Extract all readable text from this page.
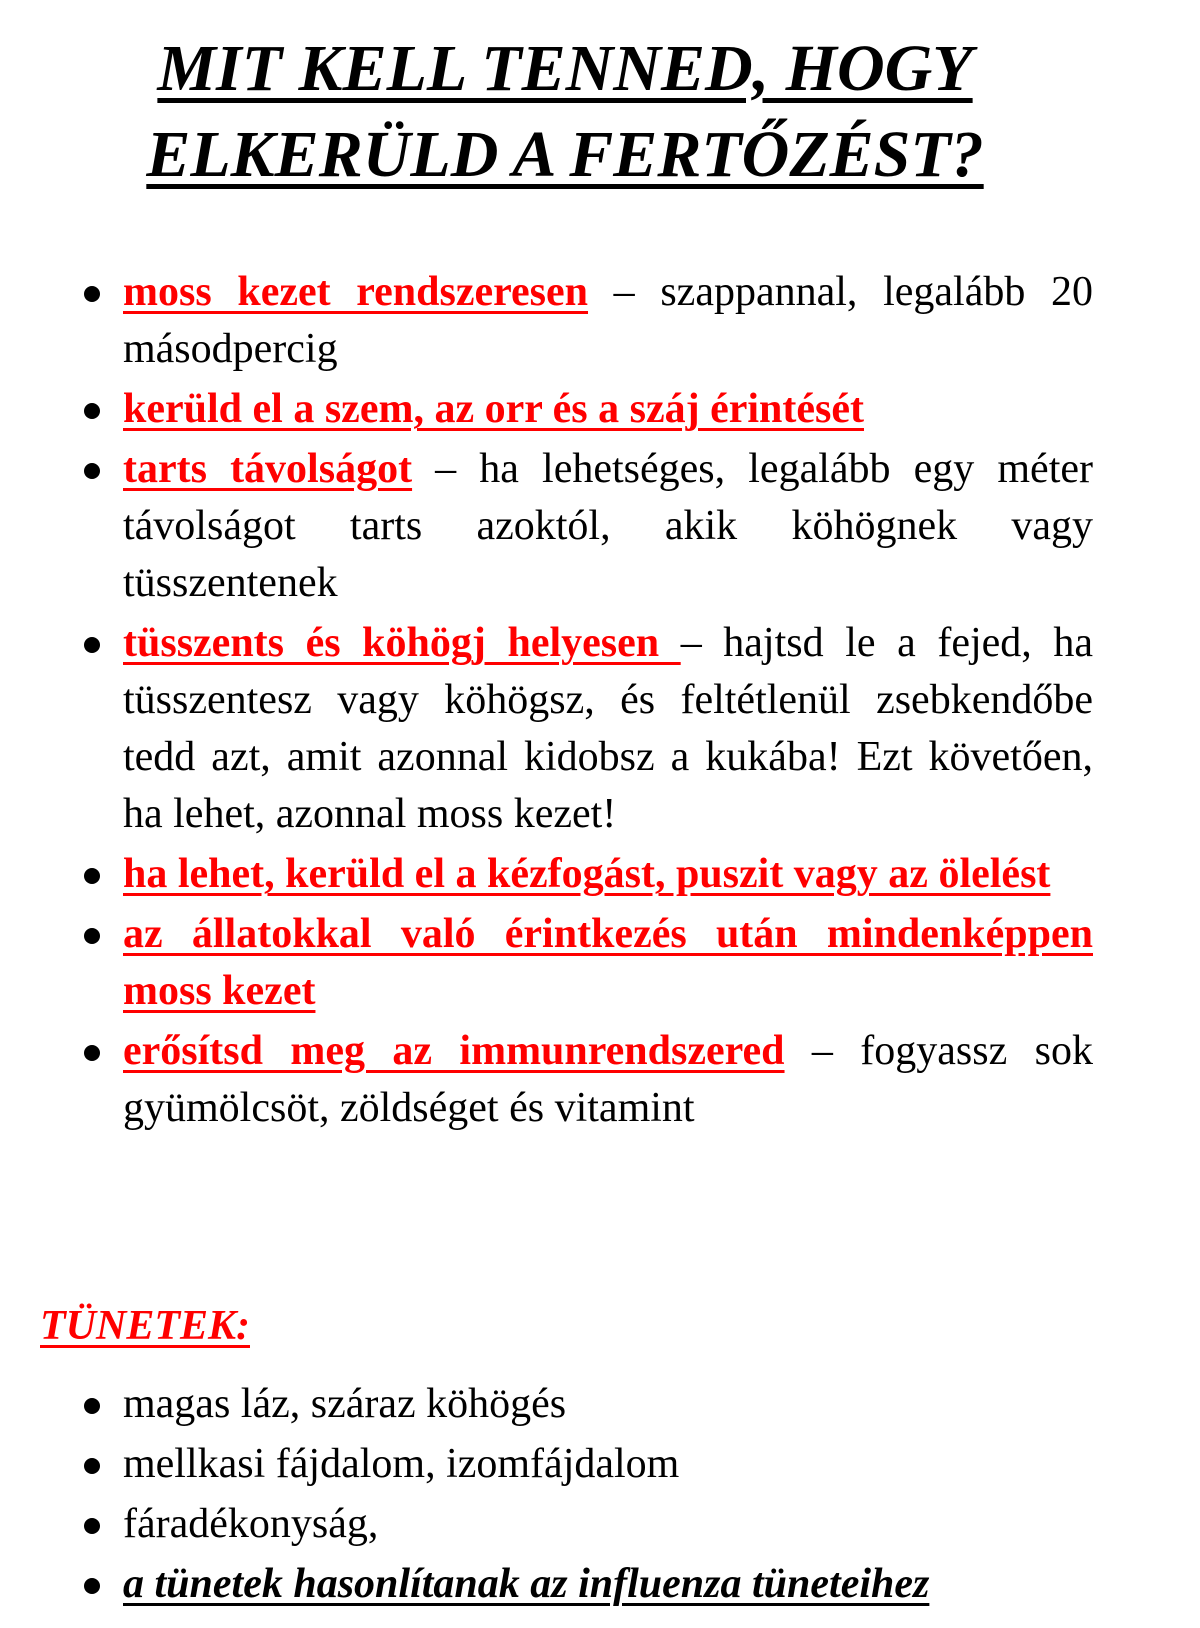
MIT KELL TENNED, HOGY
ELKERÜLD A FERTŐZÉST?
moss kezet rendszeresen – szappannal, legalább 20 másodpercig
kerüld el a szem, az orr és a száj érintését
tarts távolságot – ha lehetséges, legalább egy méter távolságot tarts azoktól, akik köhögnek vagy tüsszentenek
tüsszents és köhögj helyesen – hajtsd le a fejed, ha tüsszentesz vagy köhögsz, és feltétlenül zsebkendőbe tedd azt, amit azonnal kidobsz a kukába! Ezt követően, ha lehet, azonnal moss kezet!
ha lehet, kerüld el a kézfogást, puszit vagy az ölelést
az állatokkal való érintkezés után mindenképpen moss kezet
erősítsd meg az immunrendszered – fogyassz sok gyümölcsöt, zöldséget és vitamint
TÜNETEK:
magas láz, száraz köhögés
mellkasi fájdalom, izomfájdalom
fáradékonyság,
a tünetek hasonlítanak az influenza tüneteihez
